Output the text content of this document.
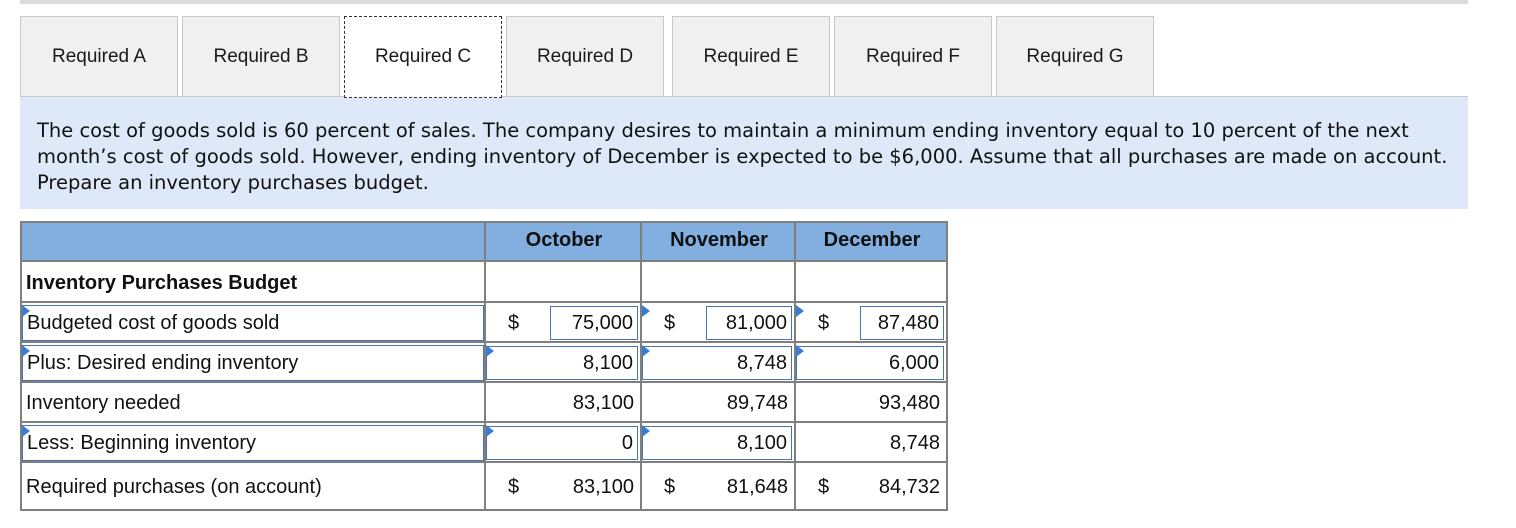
Required A	Required B	Required C	Required D	Required E	Required F	Required G
The cost of goods sold is 60 percent of sales. The company desires to maintain a minimum ending inventory equal to 10 percent of the next month’s cost of goods sold. However, ending inventory of December is expected to be $6,000. Assume that all purchases are made on account. Prepare an inventory purchases budget.
October	November	December
Inventory Purchases Budget
Budgeted cost of goods sold	$	75,000 $	81,000 $	87,480
Plus: Desired ending inventory	8,100	8,748	6,000
Inventory needed	83,100	89,748	93,480
Less: Beginning inventory	0	8,100	8,748
Required purchases (on account)	$	83,100 $	81,648 $	84,732
